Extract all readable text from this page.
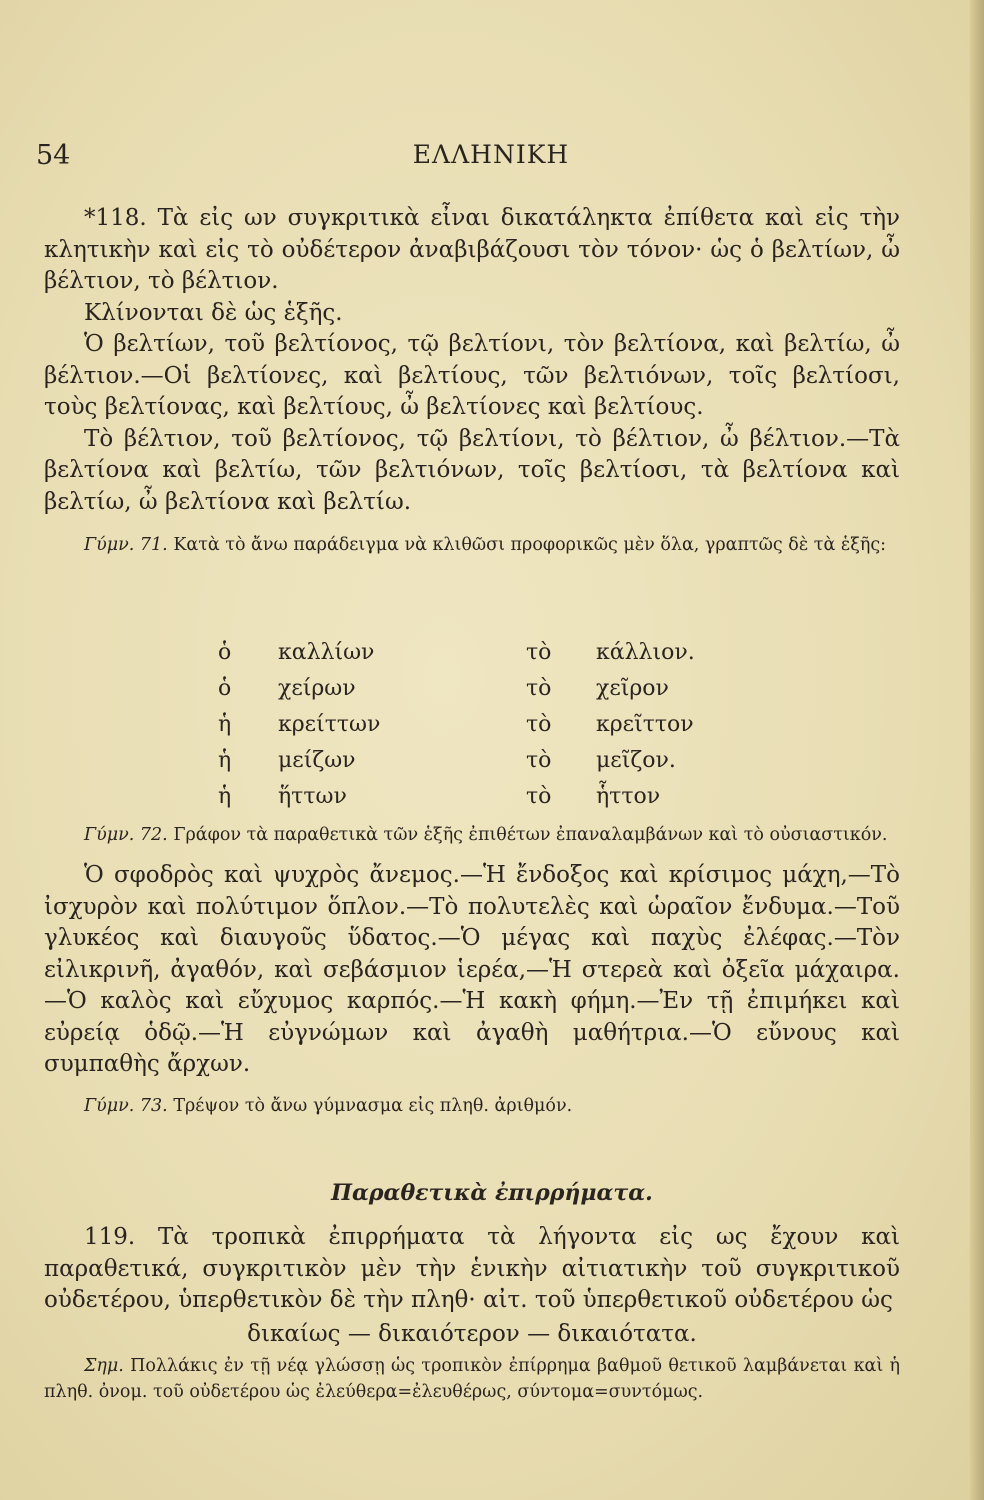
54	ΕΛΛΗΝΙΚΗ

*118. Τὰ εἰς ων συγκριτικὰ εἶναι δικατάληκτα ἐπίθετα καὶ εἰς τὴν κλητικὴν καὶ εἰς τὸ οὐδέτερον ἀναβιβάζουσι τὸν τόνον· ὡς ὁ βελτίων, ὦ βέλτιον, τὸ βέλτιον.

Κλίνονται δὲ ὡς ἑξῆς.

Ὁ βελτίων, τοῦ βελτίονος, τῷ βελτίονι, τὸν βελτίονα, καὶ βελτίω, ὦ βέλτιον.—Οἱ βελτίονες, καὶ βελτίους, τῶν βελτιόνων, τοῖς βελτίοσι, τοὺς βελτίονας, καὶ βελτίους, ὦ βελτίονες καὶ βελτίους.

Τὸ βέλτιον, τοῦ βελτίονος, τῷ βελτίονι, τὸ βέλτιον, ὦ βέλτιον.—Τὰ βελτίονα καὶ βελτίω, τῶν βελτιόνων, τοῖς βελτίοσι, τὰ βελτίονα καὶ βελτίω, ὦ βελτίονα καὶ βελτίω.

Γύμν. 71. Κατὰ τὸ ἄνω παράδειγμα νὰ κλιθῶσι προφορικῶς μὲν ὅλα, γραπτῶς δὲ τὰ ἑξῆς:

ὁ καλλίων	τὸ κάλλιον.
ὁ χείρων	τὸ χεῖρον
ἡ κρείττων	τὸ κρεῖττον
ἡ μείζων	τὸ μεῖζον.
ἡ ἥττων	τὸ ἧττον

Γύμν. 72. Γράφον τὰ παραθετικὰ τῶν ἑξῆς ἐπιθέτων ἐπαναλαμβάνων καὶ τὸ οὐσιαστικόν.

Ὁ σφοδρὸς καὶ ψυχρὸς ἄνεμος.—Ἡ ἔνδοξος καὶ κρίσιμος μάχη,—Τὸ ἰσχυρὸν καὶ πολύτιμον ὅπλον.—Τὸ πολυτελὲς καὶ ὡραῖον ἔνδυμα.—Τοῦ γλυκέος καὶ διαυγοῦς ὕδατος.—Ὁ μέγας καὶ παχὺς ἐλέφας.—Τὸν εἰλικρινῆ, ἀγαθόν, καὶ σεβάσμιον ἱερέα,—Ἡ στερεὰ καὶ ὀξεῖα μάχαιρα.—Ὁ καλὸς καὶ εὔχυμος καρπός.—Ἡ κακὴ φήμη.—Ἐν τῇ ἐπιμήκει καὶ εὐρείᾳ ὁδῷ.—Ἡ εὐγνώμων καὶ ἀγαθὴ μαθήτρια.—Ὁ εὔνους καὶ συμπαθὴς ἄρχων.

Γύμν. 73. Τρέψον τὸ ἄνω γύμνασμα εἰς πληθ. ἀριθμόν.

Παραθετικὰ ἐπιρρήματα.

119. Τὰ τροπικὰ ἐπιρρήματα τὰ λήγοντα εἰς ως ἔχουν καὶ παραθετικά, συγκριτικὸν μὲν τὴν ἑνικὴν αἰτιατικὴν τοῦ συγκριτικοῦ οὐδετέρου, ὑπερθετικὸν δὲ τὴν πληθ· αἰτ. τοῦ ὑπερθετικοῦ οὐδετέρου ὡς

δικαίως — δικαιότερον — δικαιότατα.

Σημ. Πολλάκις ἐν τῇ νέᾳ γλώσσῃ ὡς τροπικὸν ἐπίρρημα βαθμοῦ θετικοῦ λαμβάνεται καὶ ἡ πληθ. ὀνομ. τοῦ οὐδετέρου ὡς ἐλεύθερα=ἐλευθέρως, σύντομα=συντόμως.
